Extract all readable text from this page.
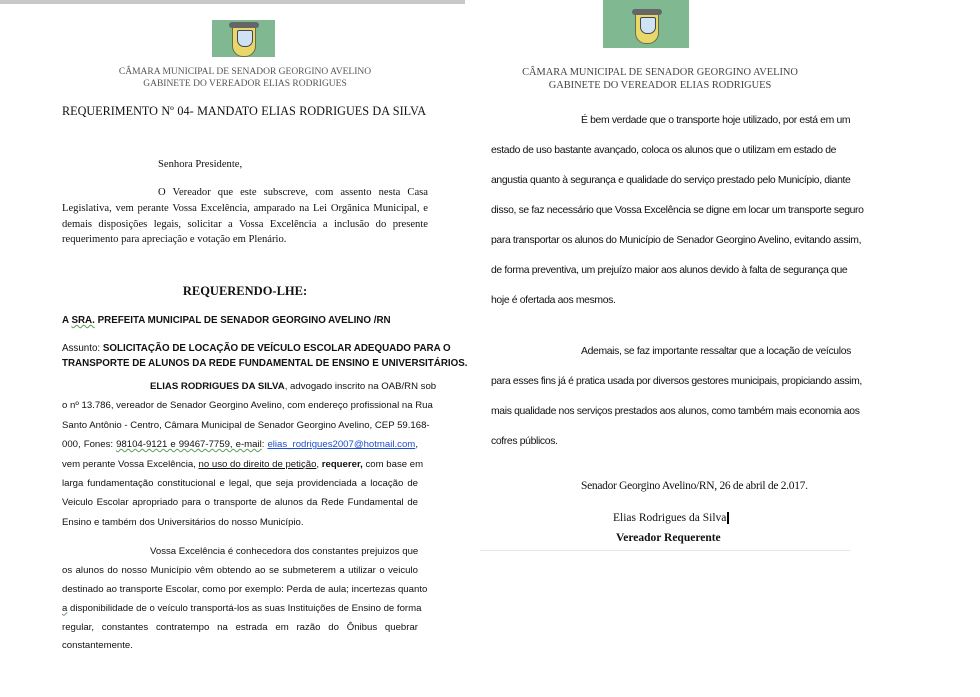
CÂMARA MUNICIPAL DE SENADOR GEORGINO AVELINO
GABINETE DO VEREADOR ELIAS RODRIGUES
REQUERIMENTO Nº 04- MANDATO ELIAS RODRIGUES DA SILVA
Senhora Presidente,
O Vereador que este subscreve, com assento nesta Casa
Legislativa, vem perante Vossa Excelência, amparado na Lei Orgânica Municipal, e
demais disposições legais, solicitar a Vossa Excelência a inclusão do presente
requerimento para apreciação e votação em Plenário.
REQUERENDO-LHE:
A SRA. PREFEITA MUNICIPAL DE SENADOR GEORGINO AVELINO /RN
Assunto: SOLICITAÇÃO DE LOCAÇÃO DE VEÍCULO ESCOLAR ADEQUADO PARA O
TRANSPORTE DE ALUNOS DA REDE FUNDAMENTAL DE ENSINO E UNIVERSITÁRIOS.
ELIAS RODRIGUES DA SILVA, advogado inscrito na OAB/RN sob
o nº 13.786, vereador de Senador Georgino Avelino, com endereço profissional na Rua
Santo Antônio - Centro, Câmara Municipal de Senador Georgino Avelino, CEP 59.168-
000, Fones: 98104-9121 e 99467-7759, e-mail: elias_rodrigues2007@hotmail.com,
vem perante Vossa Excelência, no uso do direito de petição, requerer, com base em
larga fundamentação constitucional e legal, que seja providenciada a locação de
Veiculo Escolar apropriado para o transporte de alunos da Rede Fundamental de
Ensino e também dos Universitários do nosso Município.
Vossa Excelência é conhecedora dos constantes prejuizos que
os alunos do nosso Município vêm obtendo ao se submeterem a utilizar o veiculo
destinado ao transporte Escolar, como por exemplo: Perda de aula; incertezas quanto
a disponibilidade de o veículo transportá-los as suas Instituições de Ensino de forma
regular, constantes contratempo na estrada em razão do Ônibus quebrar
constantemente.
CÂMARA MUNICIPAL DE SENADOR GEORGINO AVELINO
GABINETE DO VEREADOR ELIAS RODRIGUES
É bem verdade que o transporte hoje utilizado, por está em um
estado de uso bastante avançado, coloca os alunos que o utilizam em estado de
angustia quanto à segurança e qualidade do serviço prestado pelo Município, diante
disso, se faz necessário que Vossa Excelência se digne em locar um transporte seguro
para transportar os alunos do Município de Senador Georgino Avelino, evitando assim,
de forma preventiva, um prejuízo maior aos alunos devido à falta de segurança que
hoje é ofertada aos mesmos.
Ademais, se faz importante ressaltar que a locação de veículos
para esses fins já é pratica usada por diversos gestores municipais, propiciando assim,
mais qualidade nos serviços prestados aos alunos, como também mais economia aos
cofres públicos.
Senador Georgino Avelino/RN, 26 de abril de 2.017.
Elias Rodrigues da Silva
Vereador Requerente
